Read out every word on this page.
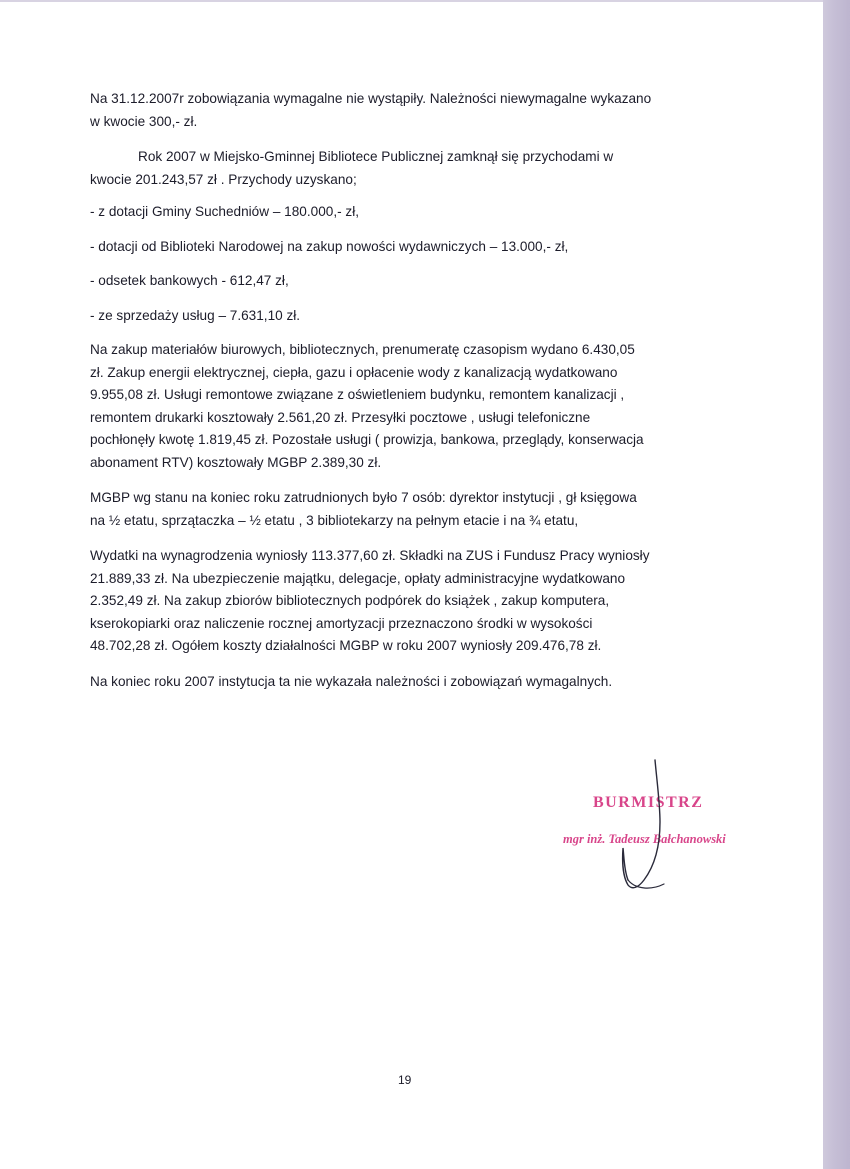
Na 31.12.2007r zobowiązania wymagalne nie wystąpiły. Należności niewymagalne wykazano
w kwocie 300,- zł.

Rok 2007 w Miejsko-Gminnej Bibliotece Publicznej zamknął się przychodami w
kwocie 201.243,57 zł . Przychody uzyskano;

- z dotacji Gminy Suchedniów – 180.000,- zł,

- dotacji od Biblioteki Narodowej na zakup nowości wydawniczych – 13.000,- zł,

- odsetek bankowych - 612,47 zł,

- ze sprzedaży usług – 7.631,10 zł.

Na zakup materiałów biurowych, bibliotecznych, prenumeratę czasopism wydano 6.430,05
zł. Zakup energii elektrycznej, ciepła, gazu i opłacenie wody z kanalizacją wydatkowano
9.955,08 zł. Usługi remontowe związane z oświetleniem budynku, remontem kanalizacji ,
remontem drukarki kosztowały 2.561,20 zł. Przesyłki pocztowe , usługi telefoniczne
pochłonęły kwotę 1.819,45 zł. Pozostałe usługi ( prowizja, bankowa, przeglądy, konserwacja
abonament RTV) kosztowały MGBP 2.389,30 zł.

MGBP wg stanu na koniec roku zatrudnionych było 7 osób: dyrektor instytucji , gł księgowa
na ½ etatu, sprzątaczka – ½ etatu , 3 bibliotekarzy na pełnym etacie i na ¾ etatu,

Wydatki na wynagrodzenia wyniosły 113.377,60 zł. Składki na ZUS i Fundusz Pracy wyniosły
21.889,33 zł. Na ubezpieczenie majątku, delegacje, opłaty administracyjne wydatkowano
2.352,49 zł. Na zakup zbiorów bibliotecznych podpórek do książek , zakup komputera,
kserokopiarki oraz naliczenie rocznej amortyzacji przeznaczono środki w wysokości
48.702,28 zł. Ogółem koszty działalności MGBP w roku 2007 wyniosły 209.476,78 zł.

Na koniec roku 2007 instytucja ta nie wykazała należności i zobowiązań wymagalnych.

BURMISTRZ
mgr inż. Tadeusz Bałchanowski
19
